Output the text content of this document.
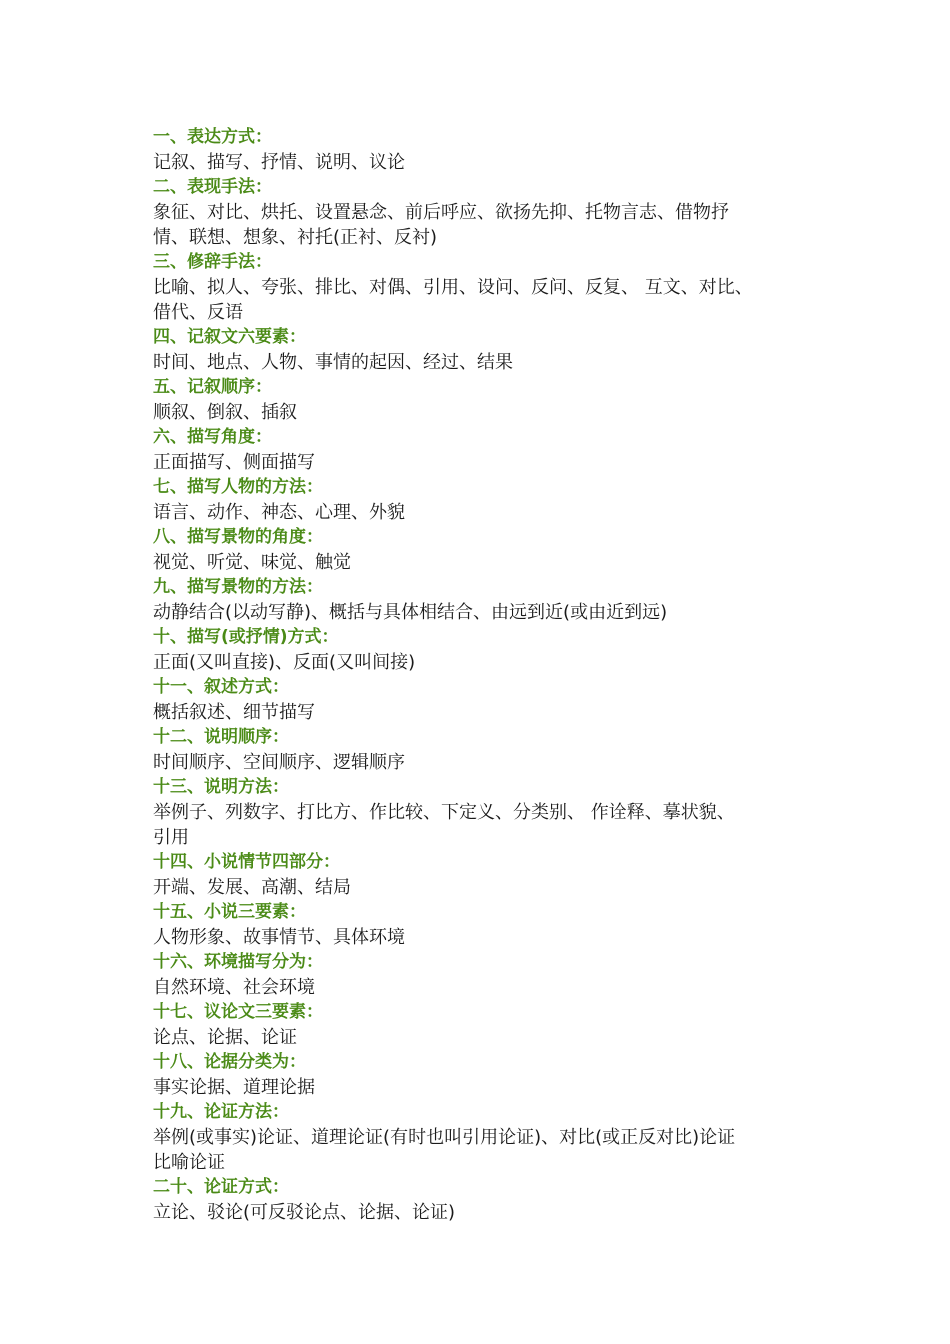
一、表达方式：
记叙、描写、抒情、说明、议论
二、表现手法：
象征、对比、烘托、设置悬念、前后呼应、欲扬先抑、托物言志、借物抒
情、联想、想象、衬托(正衬、反衬)
三、修辞手法：
比喻、拟人、夸张、排比、对偶、引用、设问、反问、反复、 互文、对比、
借代、反语
四、记叙文六要素：
时间、地点、人物、事情的起因、经过、结果
五、记叙顺序：
顺叙、倒叙、插叙
六、描写角度：
正面描写、侧面描写
七、描写人物的方法：
语言、动作、神态、心理、外貌
八、描写景物的角度：
视觉、听觉、味觉、触觉
九、描写景物的方法：
动静结合(以动写静)、概括与具体相结合、由远到近(或由近到远)
十、描写(或抒情)方式：
正面(又叫直接)、反面(又叫间接)
十一、叙述方式：
概括叙述、细节描写
十二、说明顺序：
时间顺序、空间顺序、逻辑顺序
十三、说明方法：
举例子、列数字、打比方、作比较、下定义、分类别、 作诠释、摹状貌、
引用
十四、小说情节四部分：
开端、发展、高潮、结局
十五、小说三要素：
人物形象、故事情节、具体环境
十六、环境描写分为：
自然环境、社会环境
十七、议论文三要素：
论点、论据、论证
十八、论据分类为：
事实论据、道理论据
十九、论证方法：
举例(或事实)论证、道理论证(有时也叫引用论证)、对比(或正反对比)论证
比喻论证
二十、论证方式：
立论、驳论(可反驳论点、论据、论证)
